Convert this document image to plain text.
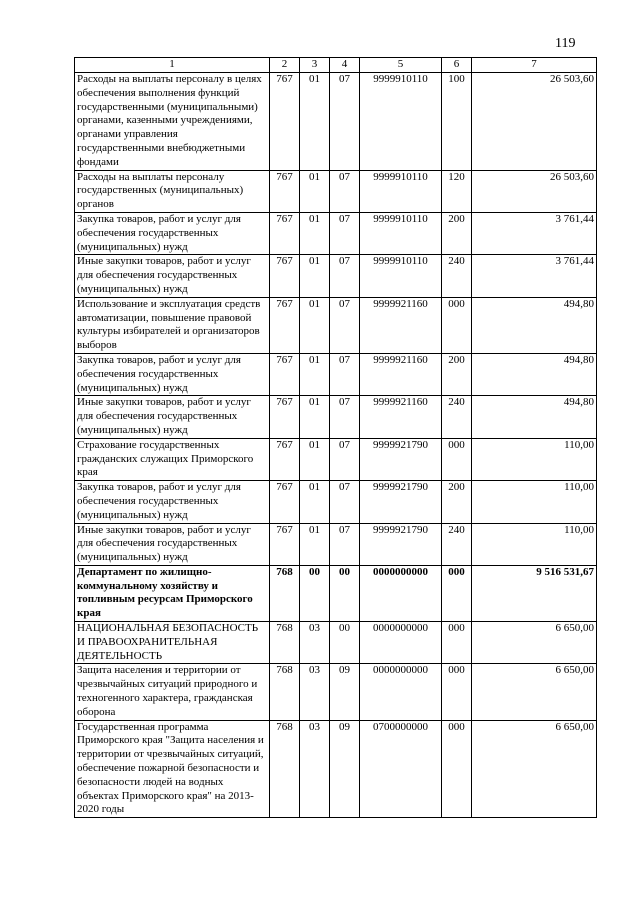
119
1	2	3	4	5	6	7
Расходы на выплаты персоналу в целях обеспечения выполнения функций государственными (муниципальными) органами, казенными учреждениями, органами управления государственными внебюджетными фондами	767	01	07	9999910110	100	26 503,60
Расходы на выплаты персоналу государственных (муниципальных) органов	767	01	07	9999910110	120	26 503,60
Закупка товаров, работ и услуг для обеспечения государственных (муниципальных) нужд	767	01	07	9999910110	200	3 761,44
Иные закупки товаров, работ и услуг для обеспечения государственных (муниципальных) нужд	767	01	07	9999910110	240	3 761,44
Использование и эксплуатация средств автоматизации, повышение правовой культуры избирателей и организаторов выборов	767	01	07	9999921160	000	494,80
Закупка товаров, работ и услуг для обеспечения государственных (муниципальных) нужд	767	01	07	9999921160	200	494,80
Иные закупки товаров, работ и услуг для обеспечения государственных (муниципальных) нужд	767	01	07	9999921160	240	494,80
Страхование государственных гражданских служащих Приморского края	767	01	07	9999921790	000	110,00
Закупка товаров, работ и услуг для обеспечения государственных (муниципальных) нужд	767	01	07	9999921790	200	110,00
Иные закупки товаров, работ и услуг для обеспечения государственных (муниципальных) нужд	767	01	07	9999921790	240	110,00
Департамент по жилищно-коммунальному хозяйству и топливным ресурсам Приморского края	768	00	00	0000000000	000	9 516 531,67
НАЦИОНАЛЬНАЯ БЕЗОПАСНОСТЬ И ПРАВООХРАНИТЕЛЬНАЯ ДЕЯТЕЛЬНОСТЬ	768	03	00	0000000000	000	6 650,00
Защита населения и территории от чрезвычайных ситуаций природного и техногенного характера, гражданская оборона	768	03	09	0000000000	000	6 650,00
Государственная программа Приморского края "Защита населения и территории от чрезвычайных ситуаций, обеспечение пожарной безопасности и безопасности людей на водных объектах Приморского края" на 2013-2020 годы	768	03	09	0700000000	000	6 650,00
